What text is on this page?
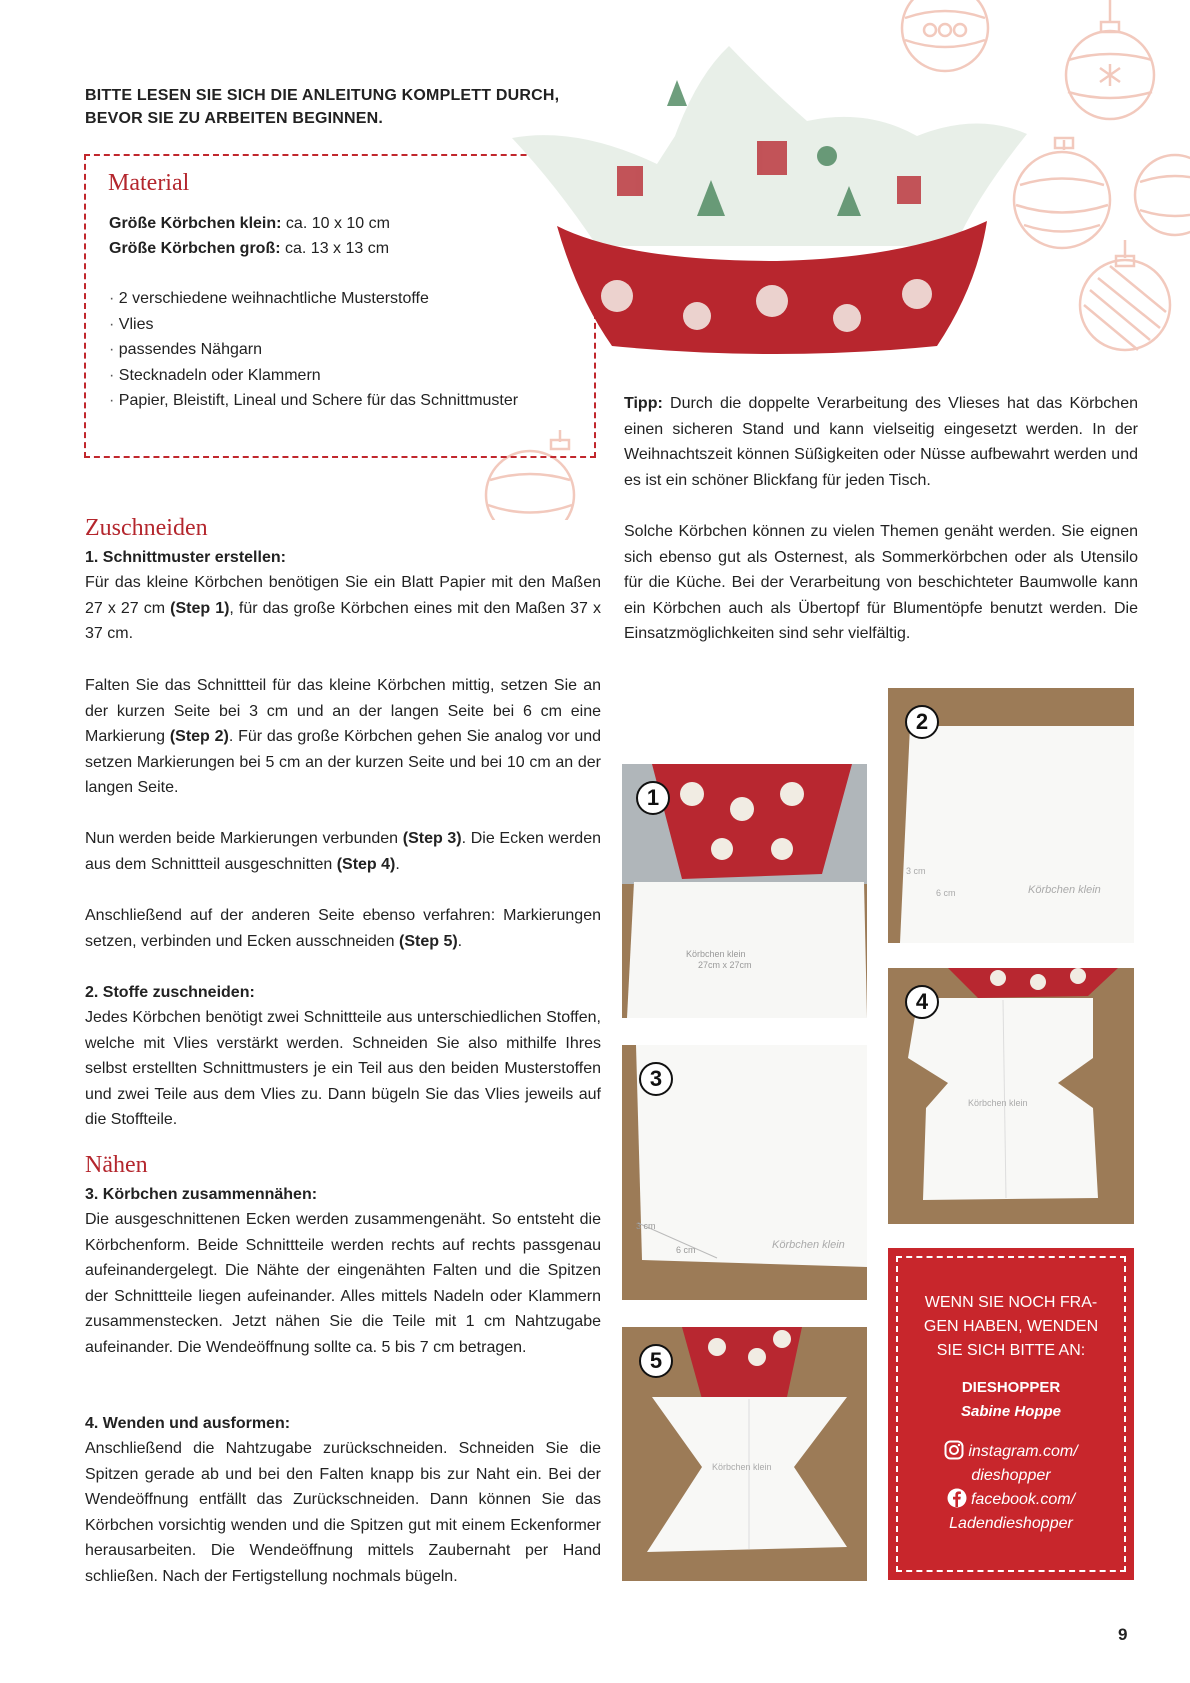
BITTE LESEN SIE SICH DIE ANLEITUNG KOMPLETT DURCH,

BEVOR SIE ZU ARBEITEN BEGINNEN.

Material
Größe Körbchen klein: ca. 10 x 10 cm
Größe Körbchen groß: ca. 13 x 13 cm
· 2 verschiedene weihnachtliche Musterstoffe
· Vlies
· passendes Nähgarn
· Stecknadeln oder Klammern
· Papier, Bleistift, Lineal und Schere für das Schnittmuster	Tipp: Durch die doppelte Verarbeitung des Vlieses hat das Körbchen einen sicheren Stand und kann vielseitig eingesetzt werden. In der Weihnachtszeit können Süßigkeiten oder Nüsse aufbewahrt werden und es ist ein schöner Blickfang für jeden Tisch.
Solche Körbchen können zu vielen Themen genäht werden. Sie eignen sich ebenso gut als Osternest, als Sommerkörbchen oder als Utensilo für die Küche. Bei der Verarbeitung von beschichteter Baumwolle kann ein Körbchen auch als Übertopf für Blumentöpfe benutzt werden. Die Einsatzmöglichkeiten sind sehr vielfältig.
Zuschneiden
1. Schnittmuster erstellen:
Für das kleine Körbchen benötigen Sie ein Blatt Papier mit den Maßen 27 x 27 cm (Step 1), für das große Körbchen eines mit den Maßen 37 x 37 cm.
Falten Sie das Schnittteil für das kleine Körbchen mittig, setzen Sie an der kurzen Seite bei 3 cm und an der langen Seite bei 6 cm eine Markierung (Step 2). Für das große Körbchen gehen Sie analog vor und setzen Markierungen bei 5 cm an der kurzen Seite und bei 10 cm an der langen Seite.
Nun werden beide Markierungen verbunden (Step 3). Die Ecken werden aus dem Schnittteil ausgeschnitten (Step 4).
Anschließend auf der anderen Seite ebenso verfahren: Markierungen setzen, verbinden und Ecken ausschneiden (Step 5).
2. Stoffe zuschneiden:
Jedes Körbchen benötigt zwei Schnittteile aus unterschiedlichen Stoffen, welche mit Vlies verstärkt werden. Schneiden Sie also mithilfe Ihres selbst erstellten Schnittmusters je ein Teil aus den beiden Musterstoffen und zwei Teile aus dem Vlies zu. Dann bügeln Sie das Vlies jeweils auf die Stoffteile.
Nähen
3. Körbchen zusammennähen:
Die ausgeschnittenen Ecken werden zusammengenäht. So entsteht die Körbchenform. Beide Schnittteile werden rechts auf rechts passgenau aufeinandergelegt. Die Nähte der eingenähten Falten und die Spitzen der Schnittteile liegen aufeinander. Alles mittels Nadeln oder Klammern zusammenstecken. Jetzt nähen Sie die Teile mit 1 cm Nahtzugabe aufeinander. Die Wendeöffnung sollte ca. 5 bis 7 cm betragen.
4. Wenden und ausformen:
Anschließend die Nahtzugabe zurückschneiden. Schneiden Sie die Spitzen gerade ab und bei den Falten knapp bis zur Naht ein. Bei der Wendeöffnung entfällt das Zurückschneiden. Dann können Sie das Körbchen vorsichtig wenden und die Spitzen gut mit einem Eckenformer herausarbeiten. Die Wendeöffnung mittels Zaubernaht per Hand schließen. Nach der Fertigstellung nochmals bügeln.
Körbchen klein
27cm x 27cm
1
3 cm
6 cm	Körbchen klein
2
3 cm
6 cm	Körbchen klein
3
Körbchen klein
4
Körbchen klein
5
WENN SIE NOCH FRA-
GEN HABEN, WENDEN
SIE SICH BITTE AN:
DIESHOPPER
Sabine Hoppe
instagram.com/
dieshopper
facebook.com/
Ladendieshopper
9
